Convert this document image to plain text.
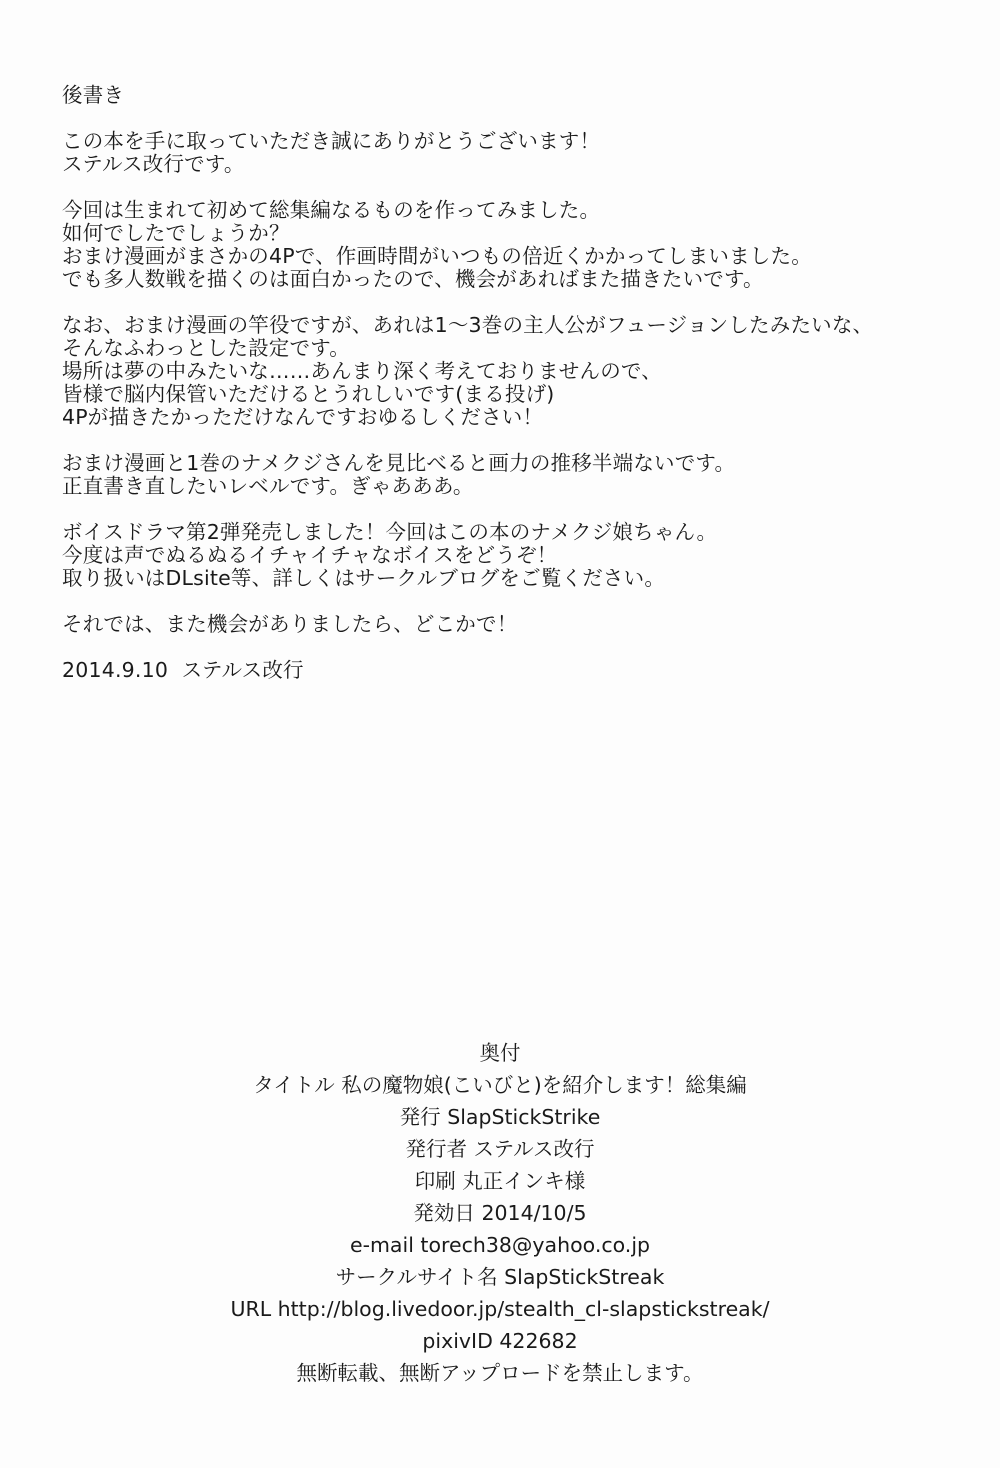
後書き
この本を手に取っていただき誠にありがとうございます！
ステルス改行です。
今回は生まれて初めて総集編なるものを作ってみました。
如何でしたでしょうか？
おまけ漫画がまさかの4Pで、作画時間がいつもの倍近くかかってしまいました。
でも多人数戦を描くのは面白かったので、機会があればまた描きたいです。
なお、おまけ漫画の竿役ですが、あれは1～3巻の主人公がフュージョンしたみたいな、
そんなふわっとした設定です。
場所は夢の中みたいな……あんまり深く考えておりませんので、
皆様で脳内保管いただけるとうれしいです(まる投げ)
4Pが描きたかっただけなんですおゆるしください！
おまけ漫画と1巻のナメクジさんを見比べると画力の推移半端ないです。
正直書き直したいレベルです。ぎゃあああ。
ボイスドラマ第2弾発売しました！今回はこの本のナメクジ娘ちゃん。
今度は声でぬるぬるイチャイチャなボイスをどうぞ！
取り扱いはDLsite等、詳しくはサークルブログをご覧ください。
それでは、また機会がありましたら、どこかで！
2014.9.10  ステルス改行
奥付
タイトル 私の魔物娘(こいびと)を紹介します！総集編
発行 SlapStickStrike
発行者 ステルス改行
印刷 丸正インキ様
発効日 2014/10/5
e-mail torech38@yahoo.co.jp
サークルサイト名 SlapStickStreak
URL http://blog.livedoor.jp/stealth_cl-slapstickstreak/
pixivID 422682
無断転載、無断アップロードを禁止します。
